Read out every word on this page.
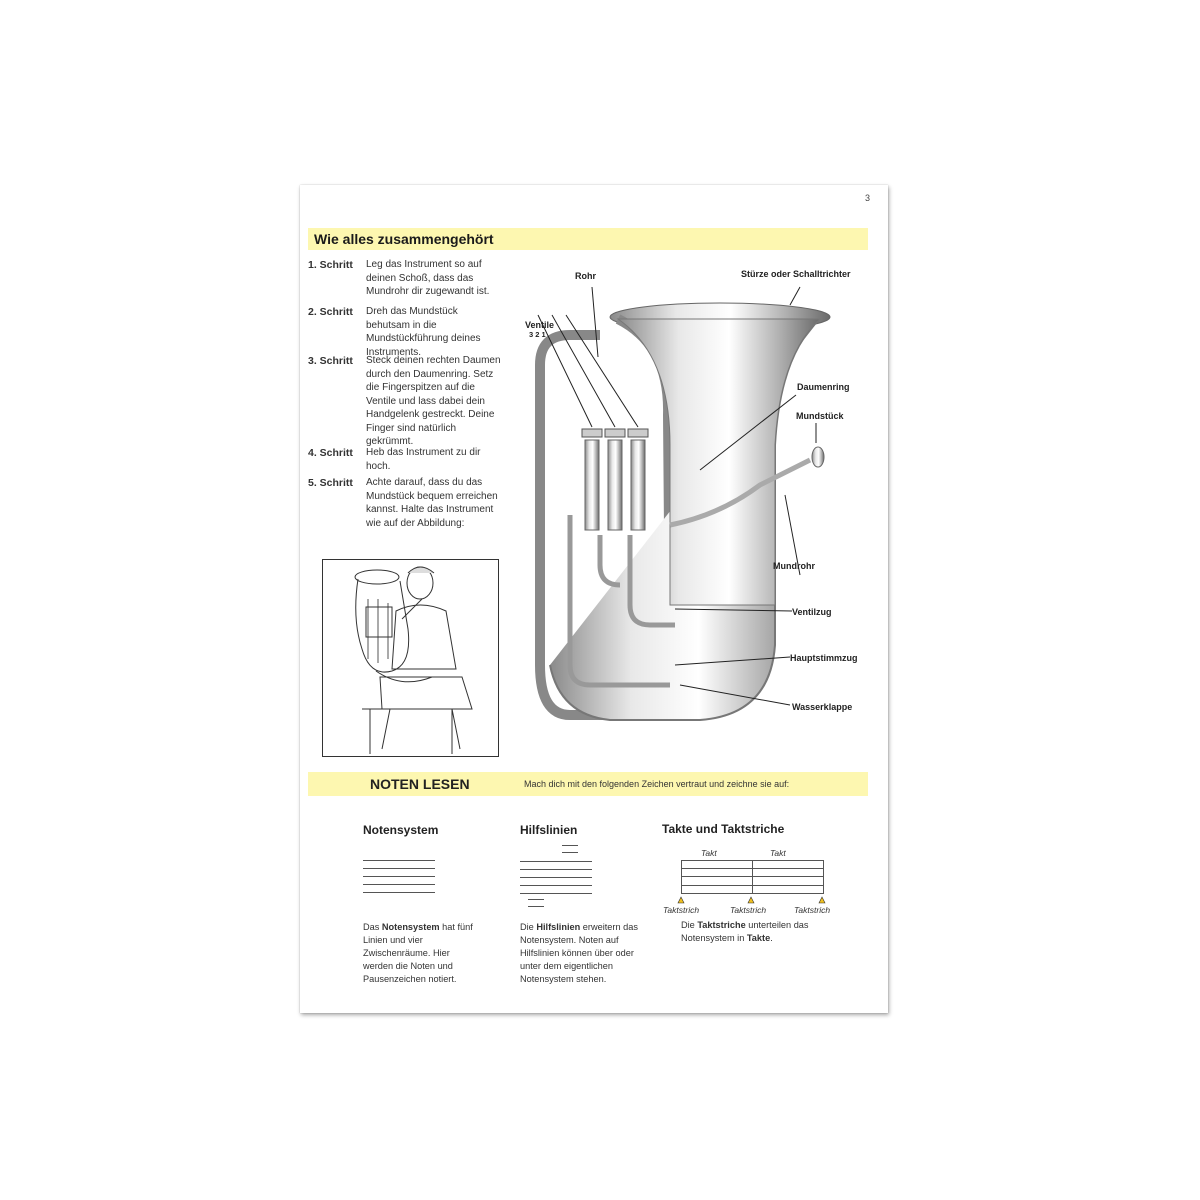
3
Wie alles zusammengehört
1. Schritt	Leg das Instrument so auf deinen Schoß, dass das Mundrohr dir zugewandt ist.
2. Schritt	Dreh das Mundstück behutsam in die Mundstückführung deines Instruments.
3. Schritt	Steck deinen rechten Daumen durch den Daumenring. Setz die Fingerspitzen auf die Ventile und lass dabei dein Handgelenk gestreckt. Deine Finger sind natürlich gekrümmt.
4. Schritt	Heb das Instrument zu dir hoch.
5. Schritt	Achte darauf, dass du das Mundstück bequem erreichen kannst. Halte das Instrument wie auf der Abbildung:
Rohr
Ventile
3 2 1
Stürze oder Schalltrichter
Daumenring
Mundstück
Mundrohr
Ventilzug
Hauptstimmzug
Wasserklappe
NOTEN LESEN	Mach dich mit den folgenden Zeichen vertraut und zeichne sie auf:
Notensystem
Das Notensystem hat fünf Linien und vier Zwischenräume. Hier werden die Noten und Pausenzeichen notiert.
Hilfslinien
Die Hilfslinien erweitern das Notensystem. Noten auf Hilfslinien können über oder unter dem eigentlichen Notensystem stehen.
Takte und Taktstriche
Takt	Takt
Taktstrich	Taktstrich	Taktstrich
Die Taktstriche unterteilen das Notensystem in Takte.
